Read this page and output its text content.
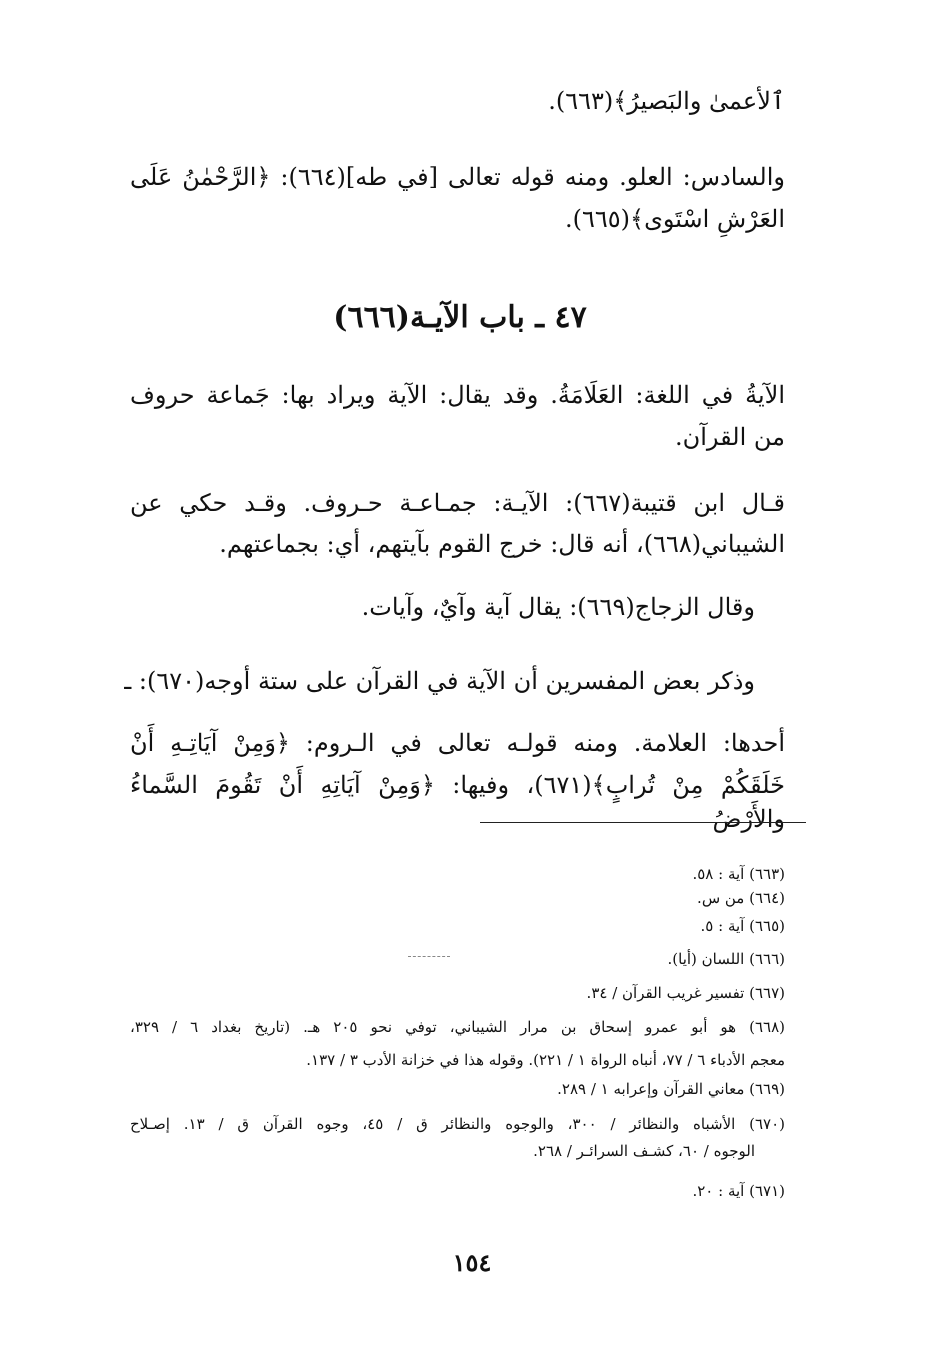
ٱلأعمىٰ والبَصيرُ﴾(٦٦٣).
والسادس: العلو. ومنه قوله تعالى [في طه](٦٦٤): ﴿الرَّحْمٰنُ عَلَى
العَرْشِ اسْتَوى﴾(٦٦٥).
٤٧ ـ باب الآيـة(٦٦٦)
الآيةُ في اللغة: العَلَامَةُ. وقد يقال: الآية ويراد بها: جَماعة حروف
من القرآن.
قـال ابن قتيبة(٦٦٧): الآيـة: جمـاعـة حـروف. وقـد حكي عن
الشيباني(٦٦٨)، أنه قال: خرج القوم بآيتهم، أي: بجماعتهم.
وقال الزجاج(٦٦٩): يقال آية وآيٌ، وآيات.
وذكر بعض المفسرين أن الآية في القرآن على ستة أوجه(٦٧٠): ـ
أحدها: العلامة. ومنه قولـه تعالى في الـروم: ﴿وَمِنْ آيَاتِـهِ أَنْ
خَلَقَكُمْ مِنْ تُرابٍ﴾(٦٧١)، وفيها: ﴿وَمِنْ آيَاتِهِ أَنْ تَقُومَ السَّماءُ والأَرْضُ
(٦٦٣) آية : ٥٨.
(٦٦٤) من س.
(٦٦٥) آية : ٥.
(٦٦٦) اللسان (أيا).
(٦٦٧) تفسير غريب القرآن / ٣٤.
(٦٦٨) هو أبو عمرو إسحاق بن مرار الشيباني، توفي نحو ٢٠٥ هـ. (تاريخ بغداد ٦ / ٣٢٩،
معجم الأدباء ٦ / ٧٧، أنباه الرواة ١ / ٢٢١). وقوله هذا في خزانة الأدب ٣ / ١٣٧.
(٦٦٩) معاني القرآن وإعرابه ١ / ٢٨٩.
(٦٧٠) الأشباه والنظائر / ٣٠٠، والوجوه والنظائر ق / ٤٥، وجوه القرآن ق / ١٣. إصـلاح
الوجوه / ٦٠، كشـف السرائـر / ٢٦٨.
(٦٧١) آية : ٢٠.
١٥٤
